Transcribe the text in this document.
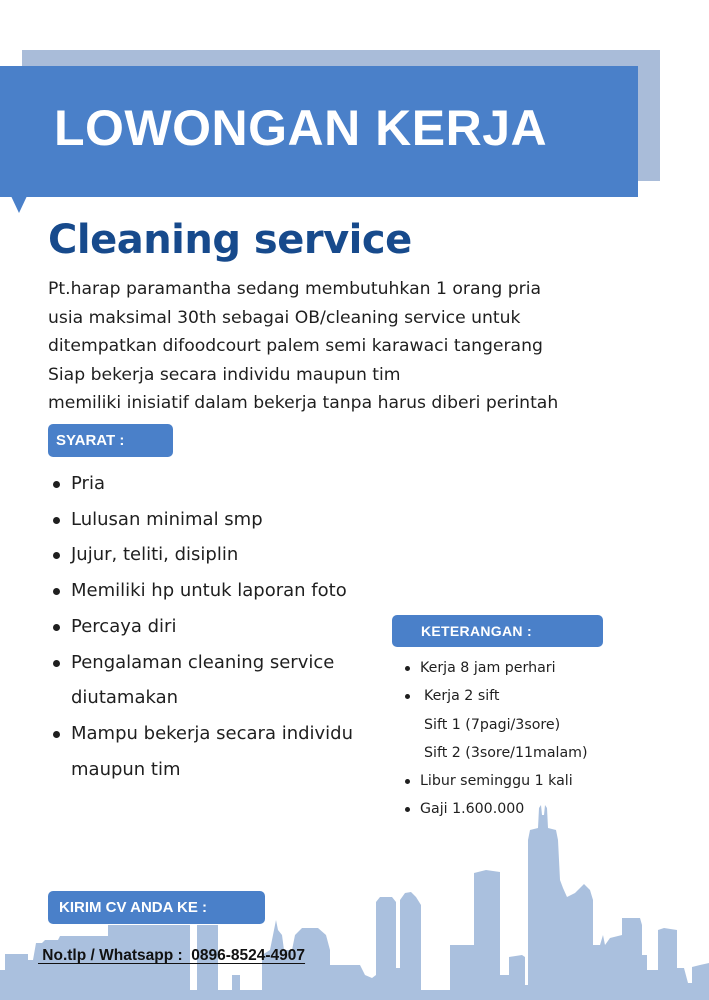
LOWONGAN KERJA
Cleaning service
Pt.harap paramantha sedang membutuhkan 1 orang pria
usia maksimal 30th sebagai OB/cleaning service untuk
ditempatkan difoodcourt palem semi karawaci tangerang
Siap bekerja secara individu maupun tim
memiliki inisiatif dalam bekerja tanpa harus diberi perintah
SYARAT :
Pria
Lulusan minimal smp
Jujur, teliti, disiplin
Memiliki hp untuk laporan foto
Percaya diri
Pengalaman cleaning service
diutamakan
Mampu bekerja secara individu
maupun tim
KETERANGAN :
Kerja 8 jam perhari
Kerja 2 sift
Sift 1 (7pagi/3sore)
Sift 2 (3sore/11malam)
Libur seminggu 1 kali
Gaji 1.600.000
KIRIM CV ANDA KE :

No.tlp / Whatsapp :  0896-8524-4907
